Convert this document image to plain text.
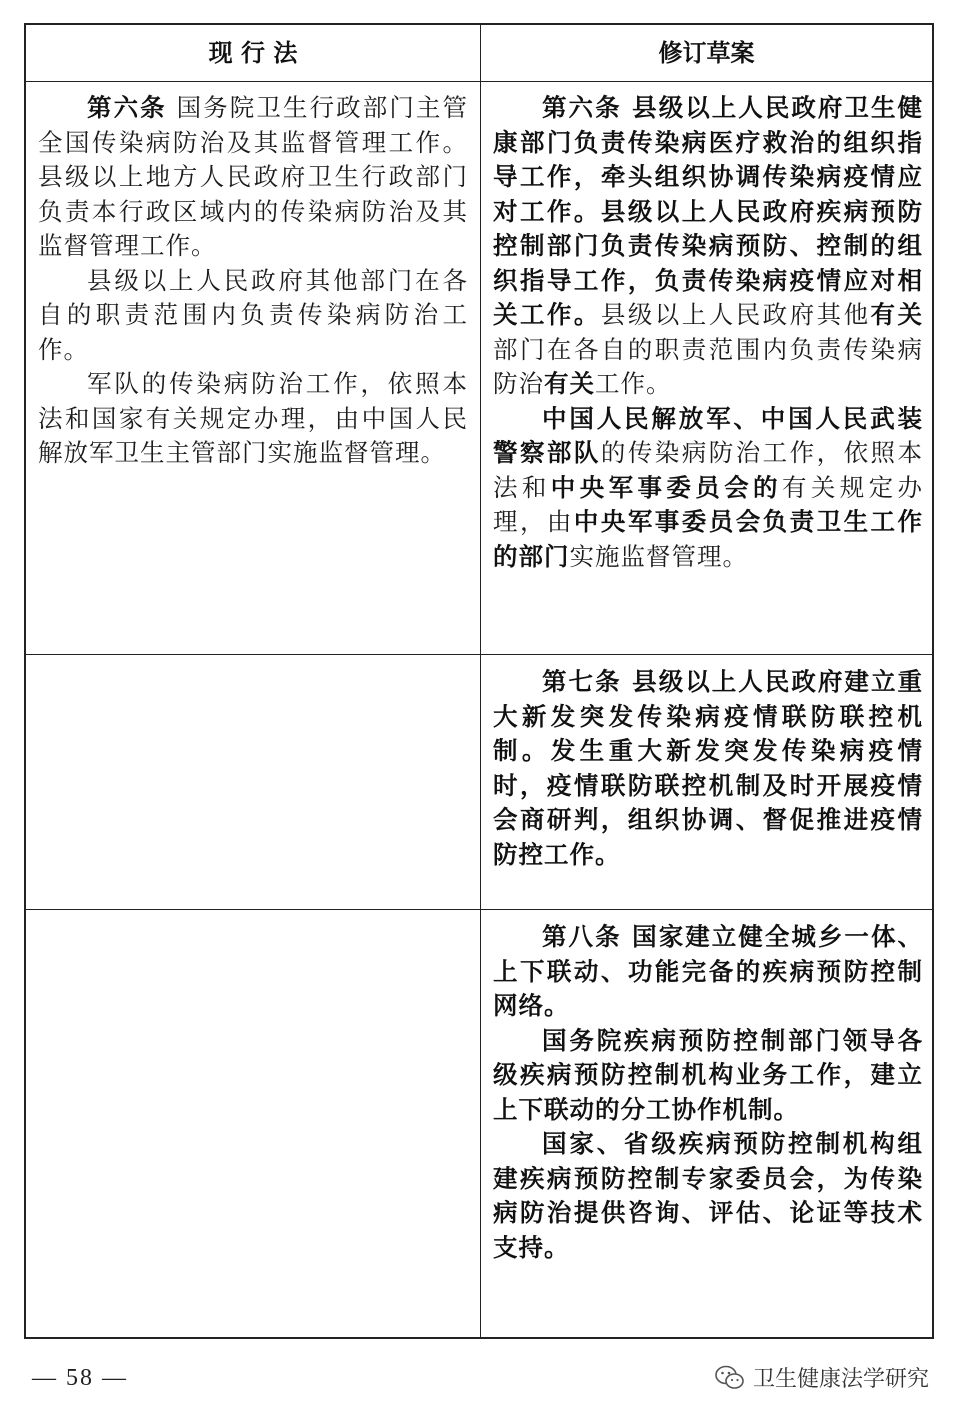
现 行 法	修订草案

第六条 国务院卫生行政部门主管全国传染病防治及其监督管理工作。县级以上地方人民政府卫生行政部门负责本行政区域内的传染病防治及其监督管理工作。

县级以上人民政府其他部门在各自的职责范围内负责传染病防治工作。

军队的传染病防治工作，依照本法和国家有关规定办理，由中国人民解放军卫生主管部门实施监督管理。

第六条 县级以上人民政府卫生健康部门负责传染病医疗救治的组织指导工作，牵头组织协调传染病疫情应对工作。县级以上人民政府疾病预防控制部门负责传染病预防、控制的组织指导工作，负责传染病疫情应对相关工作。县级以上人民政府其他有关部门在各自的职责范围内负责传染病防治有关工作。

中国人民解放军、中国人民武装警察部队的传染病防治工作，依照本法和中央军事委员会的有关规定办理，由中央军事委员会负责卫生工作的部门实施监督管理。

第七条 县级以上人民政府建立重大新发突发传染病疫情联防联控机制。发生重大新发突发传染病疫情时，疫情联防联控机制及时开展疫情会商研判，组织协调、督促推进疫情防控工作。

第八条 国家建立健全城乡一体、上下联动、功能完备的疾病预防控制网络。

国务院疾病预防控制部门领导各级疾病预防控制机构业务工作，建立上下联动的分工协作机制。

国家、省级疾病预防控制机构组建疾病预防控制专家委员会，为传染病防治提供咨询、评估、论证等技术支持。

— 58 —	卫生健康法学研究
